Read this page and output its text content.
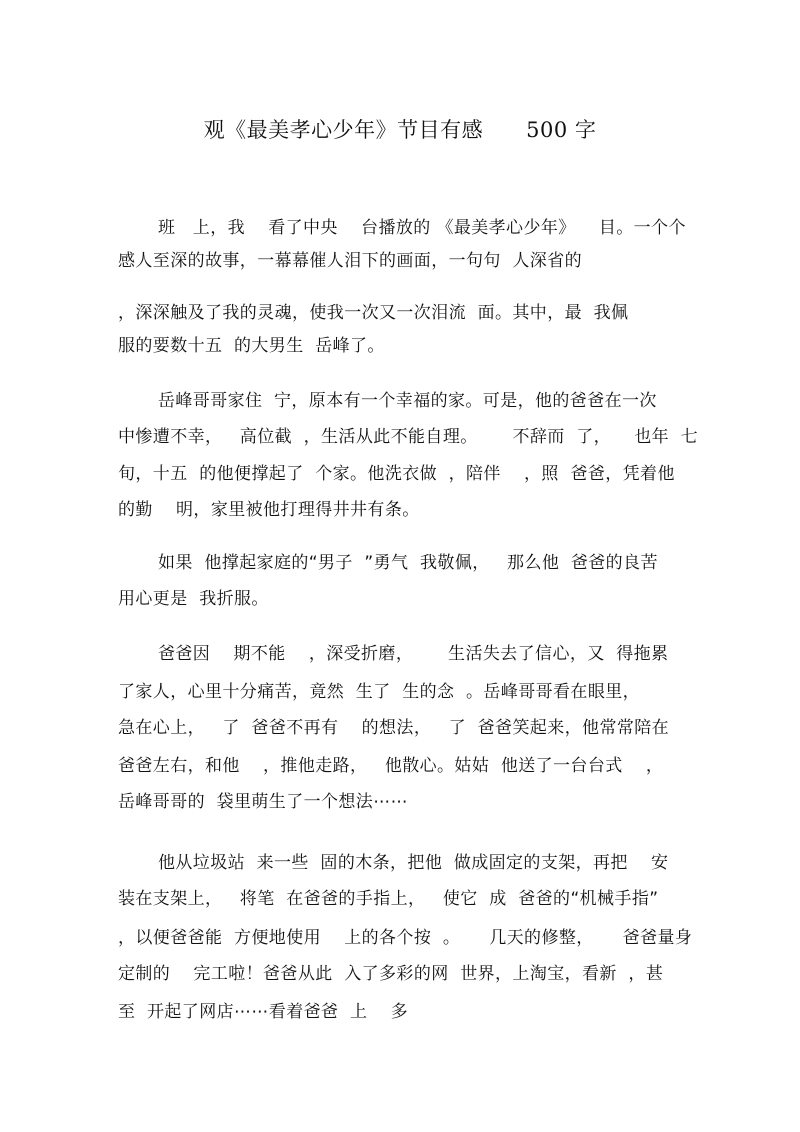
观《最美孝心少年》节目有感      500 字

班   上，我    看了中央    台播放的 《最美孝心少年》    目。一个个

感人至深的故事，一幕幕催人泪下的画面，一句句  人深省的

，深深触及了我的灵魂，使我一次又一次泪流  面。其中，最  我佩

服的要数十五  的大男生  岳峰了。

岳峰哥哥家住  宁，原本有一个幸福的家。可是，他的爸爸在一次

中惨遭不幸，   高位截  ，生活从此不能自理。      不辞而  了，    也年  七

旬，十五  的他便撑起了  个家。他洗衣做  ，陪伴    ，照  爸爸，凭着他

的勤    明，家里被他打理得井井有条。

如果  他撑起家庭的“男子  ”勇气  我敬佩，   那么他  爸爸的良苦

用心更是  我折服。

爸爸因    期不能    ，深受折磨，      生活失去了信心，又  得拖累

了家人，心里十分痛苦，竟然  生了  生的念  。岳峰哥哥看在眼里，

急在心上，   了  爸爸不再有    的想法，   了  爸爸笑起来，他常常陪在

爸爸左右，和他    ，推他走路，   他散心。姑姑  他送了一台台式    ，

岳峰哥哥的  袋里萌生了一个想法⋯⋯

他从垃圾站  来一些  固的木条，把他  做成固定的支架，再把    安

装在支架上，   将笔  在爸爸的手指上，   使它  成  爸爸的“机械手指”

，以便爸爸能  方便地使用    上的各个按  。     几天的修整，     爸爸量身

定制的    完工啦！爸爸从此  入了多彩的网  世界，上淘宝，看新  ，甚

至  开起了网店⋯⋯看着爸爸  上    多
